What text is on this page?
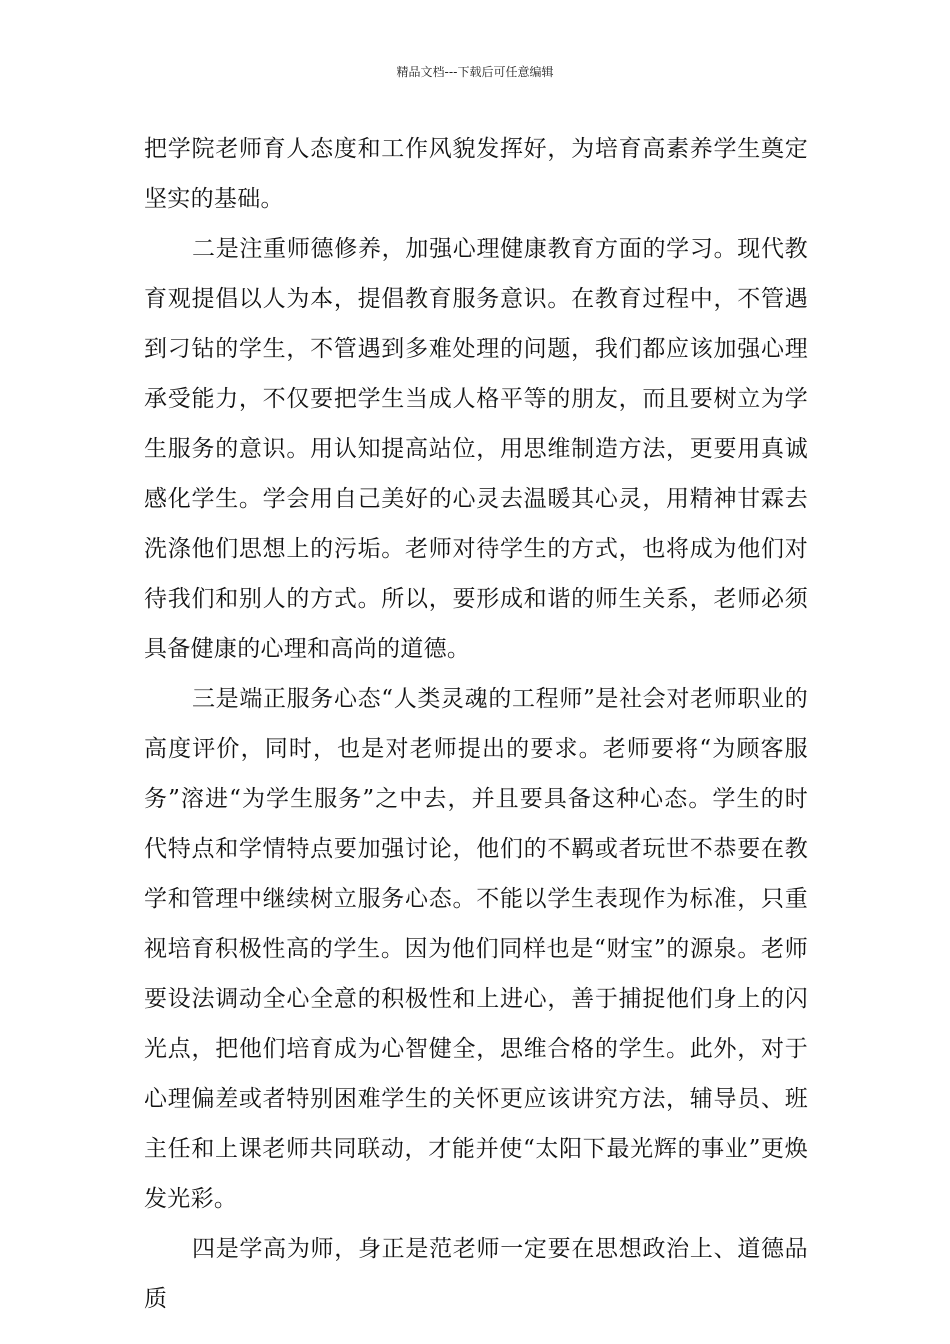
精品文档---下载后可任意编辑

把学院老师育人态度和工作风貌发挥好，为培育高素养学生奠定坚实的基础。

二是注重师德修养，加强心理健康教育方面的学习。现代教育观提倡以人为本，提倡教育服务意识。在教育过程中，不管遇到刁钻的学生，不管遇到多难处理的问题，我们都应该加强心理承受能力，不仅要把学生当成人格平等的朋友，而且要树立为学生服务的意识。用认知提高站位，用思维制造方法，更要用真诚感化学生。学会用自己美好的心灵去温暖其心灵，用精神甘霖去洗涤他们思想上的污垢。老师对待学生的方式，也将成为他们对待我们和别人的方式。所以，要形成和谐的师生关系，老师必须具备健康的心理和高尚的道德。

三是端正服务心态“人类灵魂的工程师”是社会对老师职业的高度评价，同时，也是对老师提出的要求。老师要将“为顾客服务”溶进“为学生服务”之中去，并且要具备这种心态。学生的时代特点和学情特点要加强讨论，他们的不羁或者玩世不恭要在教学和管理中继续树立服务心态。不能以学生表现作为标准，只重视培育积极性高的学生。因为他们同样也是“财宝”的源泉。老师要设法调动全心全意的积极性和上进心，善于捕捉他们身上的闪光点，把他们培育成为心智健全，思维合格的学生。此外，对于心理偏差或者特别困难学生的关怀更应该讲究方法，辅导员、班主任和上课老师共同联动，才能并使“太阳下最光辉的事业”更焕发光彩。

四是学高为师，身正是范老师一定要在思想政治上、道德品质
